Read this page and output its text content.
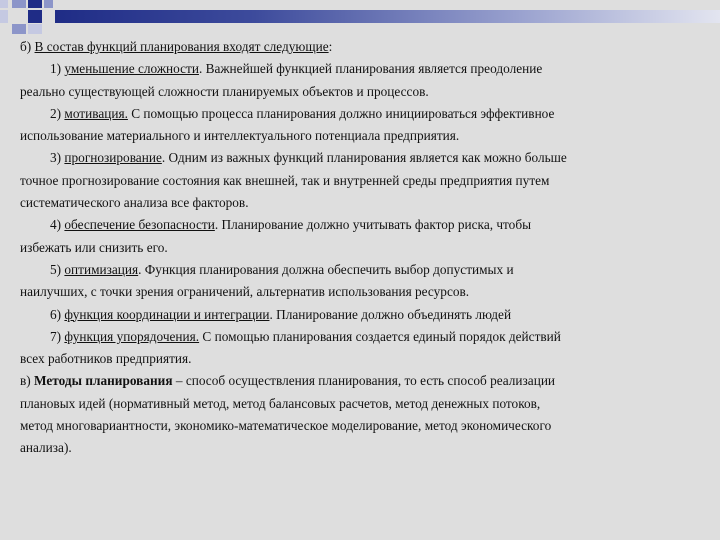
б) В состав функций планирования входят следующие:

1) уменьшение сложности. Важнейшей функцией планирования является преодоление

реально существующей сложности планируемых объектов и процессов.

2) мотивация. С помощью процесса планирования должно инициироваться эффективное

использование материального и интеллектуального потенциала предприятия.

3) прогнозирование. Одним из важных функций планирования является как можно больше

точное прогнозирование состояния как внешней, так и внутренней среды предприятия путем

систематического анализа все факторов.

4) обеспечение безопасности. Планирование должно учитывать фактор риска, чтобы

избежать или снизить его.

5) оптимизация. Функция планирования должна обеспечить выбор допустимых и

наилучших, с точки зрения ограничений, альтернатив использования ресурсов.

6) функция координации и интеграции. Планирование должно объединять людей

7) функция упорядочения. С помощью планирования создается единый порядок действий

всех работников предприятия.

в) Методы планирования – способ осуществления планирования, то есть способ реализации

плановых идей (нормативный метод, метод балансовых расчетов, метод денежных потоков,

метод многовариантности, экономико-математическое моделирование, метод экономического

анализа).
